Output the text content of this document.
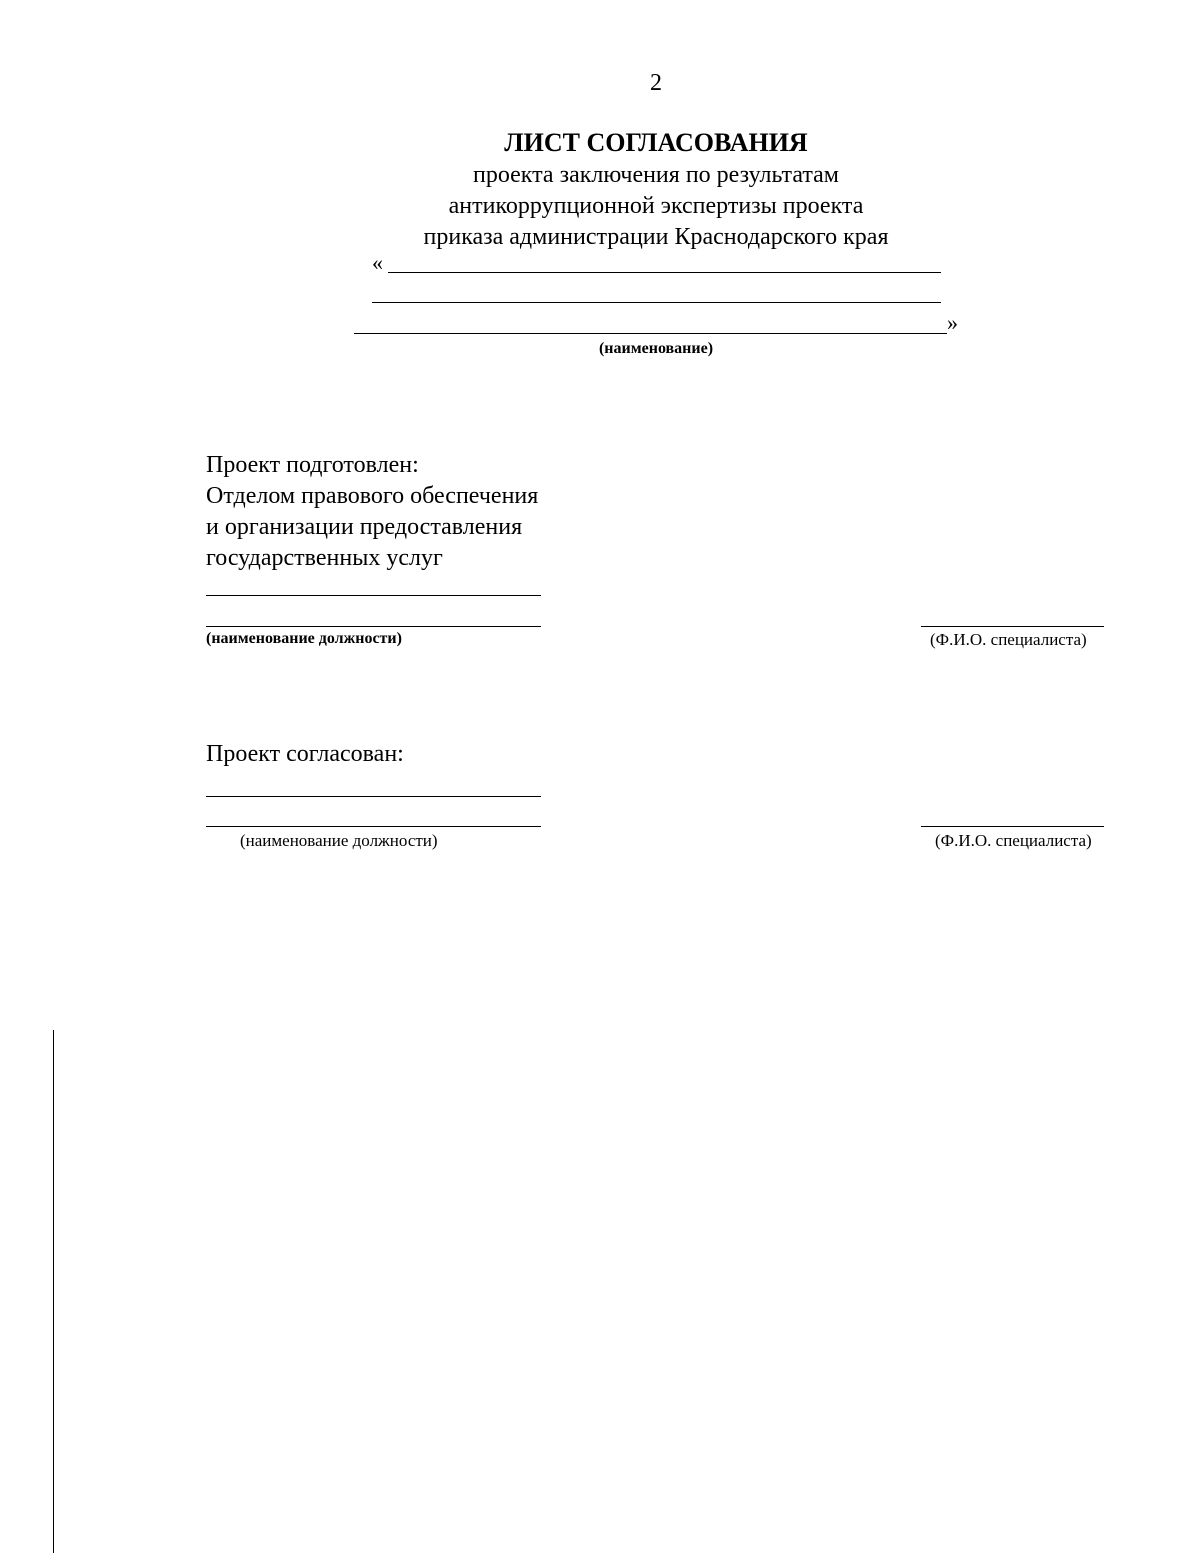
2
ЛИСТ СОГЛАСОВАНИЯ
проекта заключения по результатам
антикоррупционной экспертизы проекта
приказа администрации Краснодарского края
«
»
(наименование)
Проект подготовлен:
Отделом правового обеспечения
и организации предоставления
государственных услуг
(наименование должности)	(Ф.И.О. специалиста)
Проект согласован:
(наименование должности)	(Ф.И.О. специалиста)
